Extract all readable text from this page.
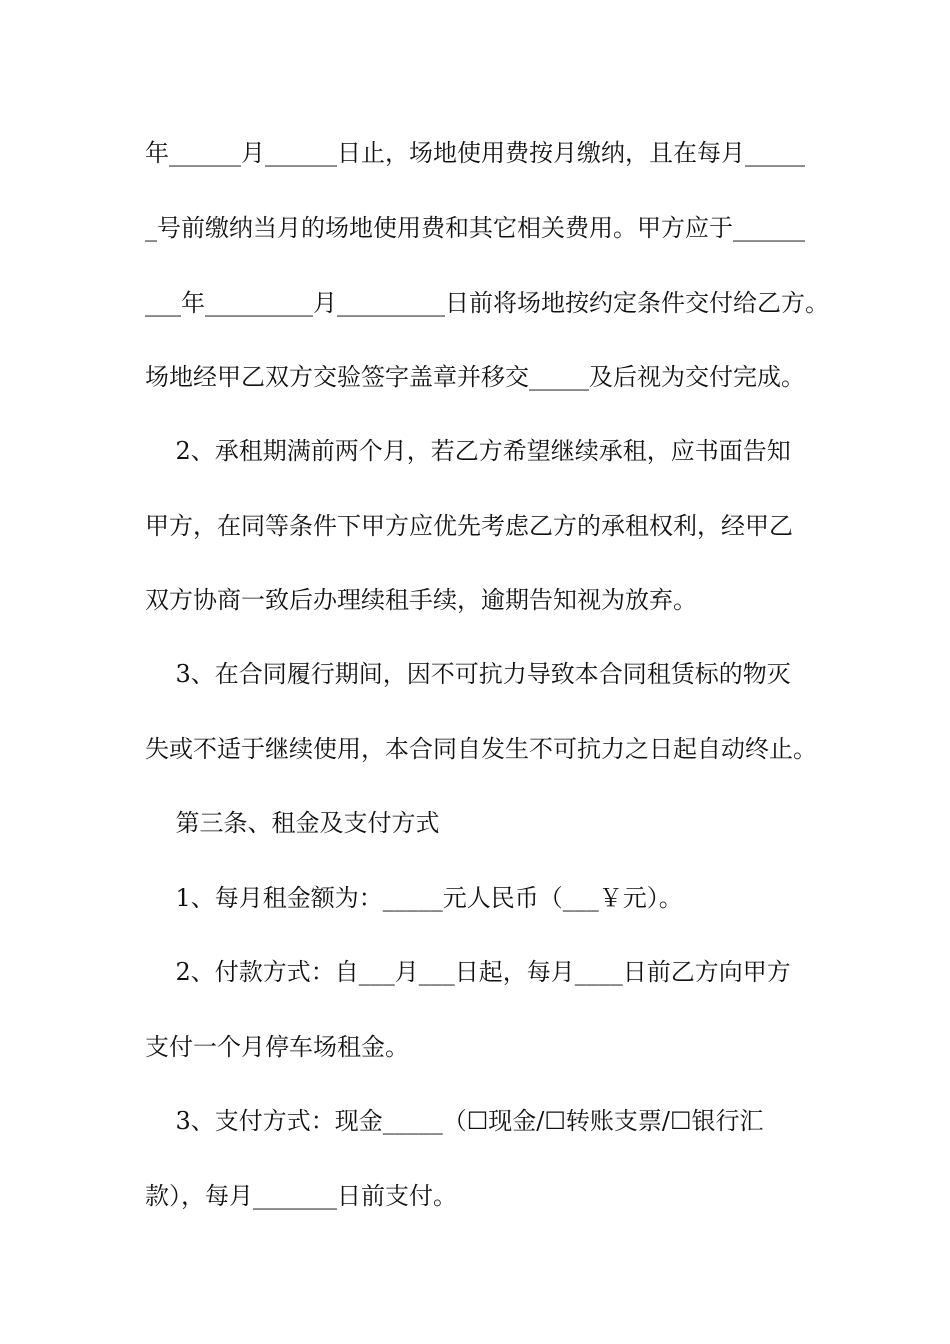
年______月______日止，场地使用费按月缴纳，且在每月_____
_号前缴纳当月的场地使用费和其它相关费用。甲方应于______
___年_________月_________日前将场地按约定条件交付给乙方。
场地经甲乙双方交验签字盖章并移交_____及后视为交付完成。
2、承租期满前两个月，若乙方希望继续承租，应书面告知
甲方，在同等条件下甲方应优先考虑乙方的承租权利，经甲乙
双方协商一致后办理续租手续，逾期告知视为放弃。
3、在合同履行期间，因不可抗力导致本合同租赁标的物灭
失或不适于继续使用，本合同自发生不可抗力之日起自动终止。
第三条、租金及支付方式
1、每月租金额为：_____元人民币（___￥元）。
2、付款方式：自___月___日起，每月____日前乙方向甲方
支付一个月停车场租金。
3、支付方式：现金_____（☐现金/☐转账支票/☐银行汇
款），每月_______日前支付。
